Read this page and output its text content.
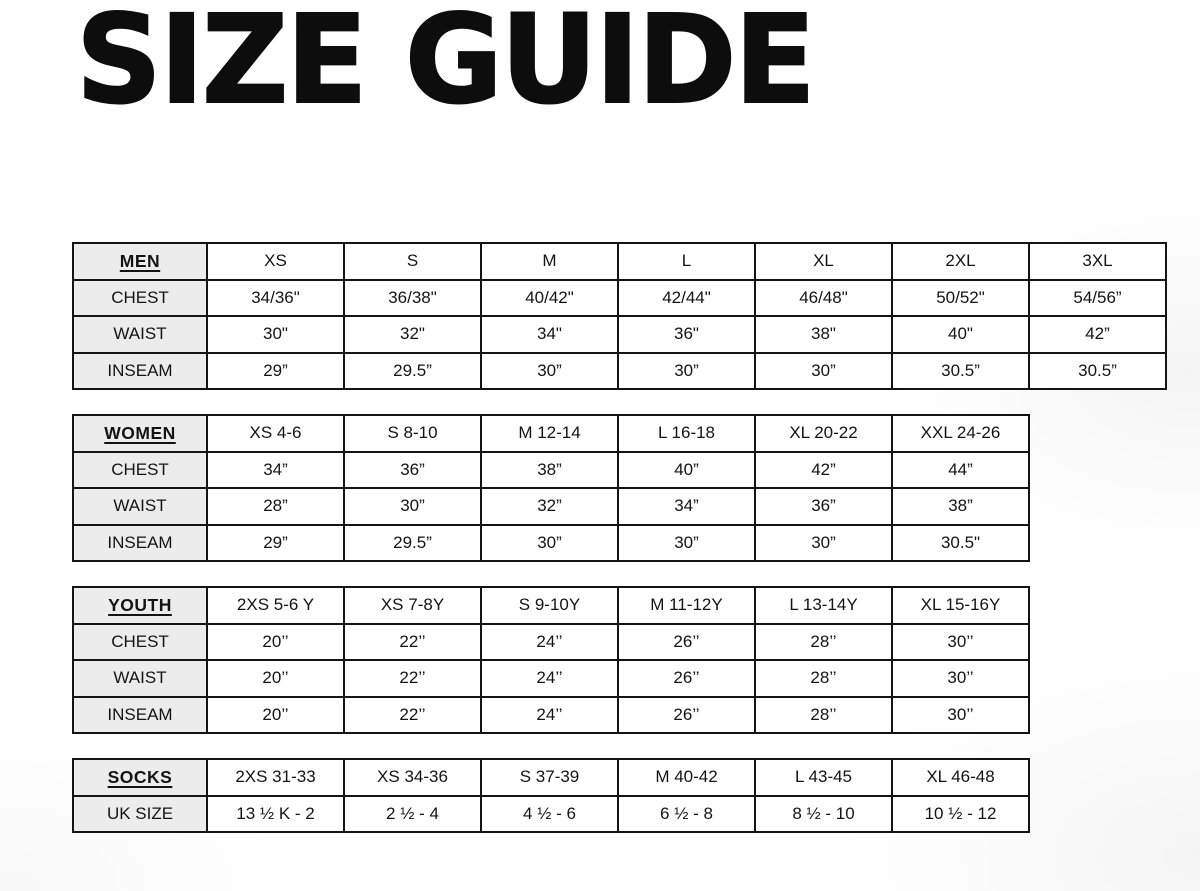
SIZE GUIDE
MEN	XS	S	M	L	XL	2XL	3XL
CHEST	34/36"	36/38"	40/42"	42/44"	46/48"	50/52"	54/56”
WAIST	30"	32"	34"	36"	38"	40"	42”
INSEAM	29”	29.5”	30”	30”	30”	30.5”	30.5”
WOMEN	XS 4-6	S 8-10	M 12-14	L 16-18	XL 20-22	XXL 24-26
CHEST	34”	36”	38”	40”	42”	44”
WAIST	28”	30”	32”	34”	36”	38”
INSEAM	29”	29.5”	30”	30”	30”	30.5"
YOUTH	2XS 5-6 Y	XS 7-8Y	S 9-10Y	M 11-12Y	L 13-14Y	XL 15-16Y
CHEST	20’’	22’’	24’’	26’’	28’’	30’’
WAIST	20’’	22’’	24’’	26’’	28’’	30’’
INSEAM	20’’	22’’	24’’	26’’	28’’	30’’
SOCKS	2XS 31-33	XS 34-36	S 37-39	M 40-42	L 43-45	XL 46-48
UK SIZE	13 ½ K - 2	2 ½ - 4	4 ½ - 6	6 ½ - 8	8 ½ - 10	10 ½ - 12
